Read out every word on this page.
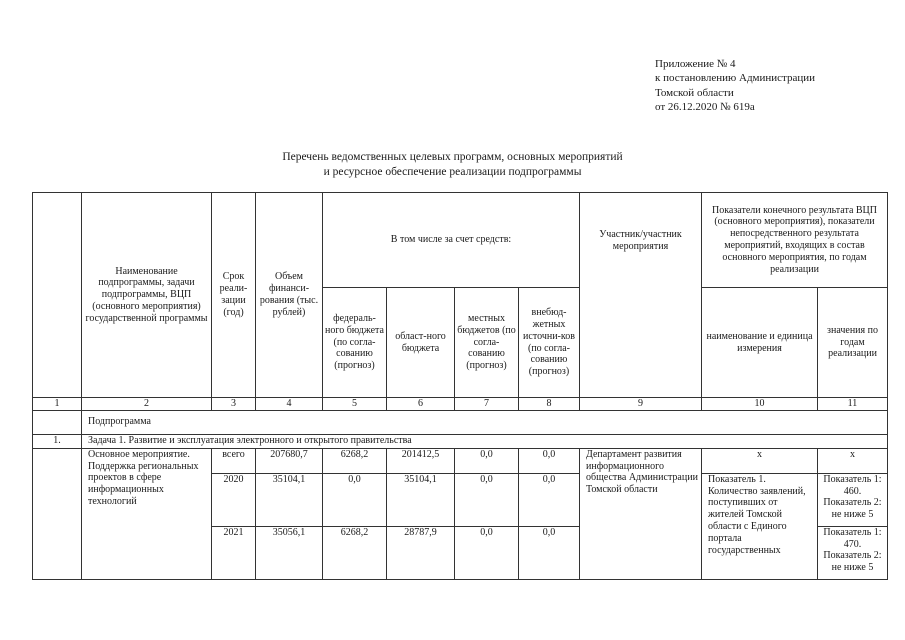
Приложение № 4
к постановлению Администрации
Томской области
от 26.12.2020 № 619а
Перечень ведомственных целевых программ, основных мероприятий
и ресурсное обеспечение реализации подпрограммы
	Наименование подпрограммы, задачи подпрограммы, ВЦП (основного мероприятия) государственной программы	Срок реали-зации (год)	Объем финанси-рования (тыс. рублей)	В том числе за счет средств:				Участник/участник мероприятия	Показатели конечного результата ВЦП (основного мероприятия), показатели непосредственного результата мероприятий, входящих в состав основного мероприятия, по годам реализации	
				федераль-ного бюджета (по согла-сованию (прогноз)	област-ного бюджета	местных бюджетов (по согла-сованию (прогноз)	внебюд-жетных источни-ков (по согла-сованию (прогноз)		наименование и единица измерения	значения по годам реализации
1	2	3	4	5	6	7	8	9	10	11
	Подпрограмма									
1.	Задача 1. Развитие и эксплуатация электронного и открытого правительства									
	Основное мероприятие. Поддержка региональных проектов в сфере информационных технологий	всего	207680,7	6268,2	201412,5	0,0	0,0	Департамент развития информационного общества Администрации Томской области	х	х
		2020	35104,1	0,0	35104,1	0,0	0,0		Показатель 1. Количество заявлений, поступивших от жителей Томской области с Единого портала государственных	Показатель 1: 460. Показатель 2: не ниже 5
		2021	35056,1	6268,2	28787,9	0,0	0,0			Показатель 1: 470. Показатель 2: не ниже 5
